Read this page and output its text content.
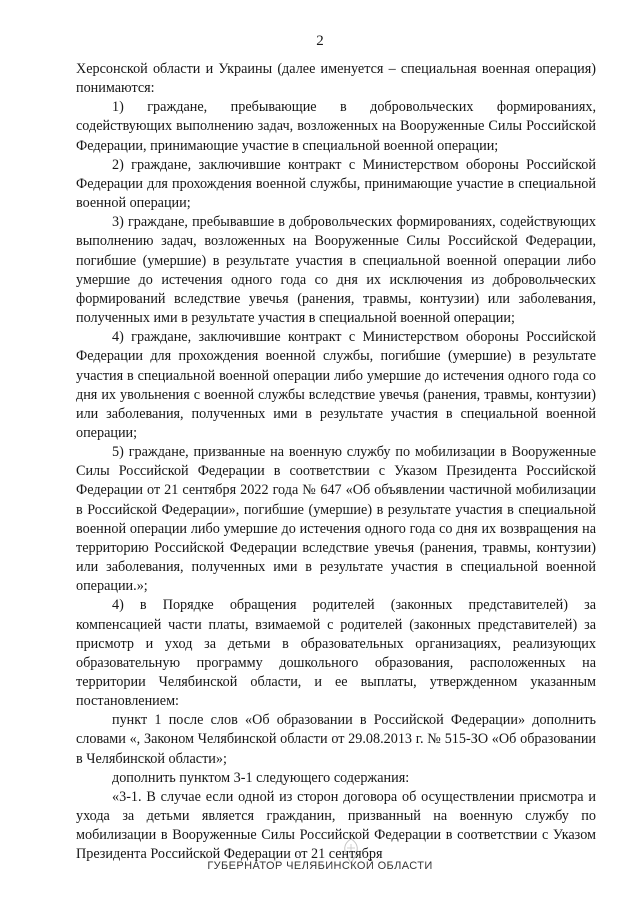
2

Херсонской области и Украины (далее именуется – специальная военная операция) понимаются:

1) граждане, пребывающие в добровольческих формированиях, содействующих выполнению задач, возложенных на Вооруженные Силы Российской Федерации, принимающие участие в специальной военной операции;

2) граждане, заключившие контракт с Министерством обороны Российской Федерации для прохождения военной службы, принимающие участие в специальной военной операции;

3) граждане, пребывавшие в добровольческих формированиях, содействующих выполнению задач, возложенных на Вооруженные Силы Российской Федерации, погибшие (умершие) в результате участия в специальной военной операции либо умершие до истечения одного года со дня их исключения из добровольческих формирований вследствие увечья (ранения, травмы, контузии) или заболевания, полученных ими в результате участия в специальной военной операции;

4) граждане, заключившие контракт с Министерством обороны Российской Федерации для прохождения военной службы, погибшие (умершие) в результате участия в специальной военной операции либо умершие до истечения одного года со дня их увольнения с военной службы вследствие увечья (ранения, травмы, контузии) или заболевания, полученных ими в результате участия в специальной военной операции;

5) граждане, призванные на военную службу по мобилизации в Вооруженные Силы Российской Федерации в соответствии с Указом Президента Российской Федерации от 21 сентября 2022 года № 647 «Об объявлении частичной мобилизации в Российской Федерации», погибшие (умершие) в результате участия в специальной военной операции либо умершие до истечения одного года со дня их возвращения на территорию Российской Федерации вследствие увечья (ранения, травмы, контузии) или заболевания, полученных ими в результате участия в специальной военной операции.»;

4) в Порядке обращения родителей (законных представителей) за компенсацией части платы, взимаемой с родителей (законных представителей) за присмотр и уход за детьми в образовательных организациях, реализующих образовательную программу дошкольного образования, расположенных на территории Челябинской области, и ее выплаты, утвержденном указанным постановлением:

пункт 1 после слов «Об образовании в Российской Федерации» дополнить словами «, Законом Челябинской области от 29.08.2013 г. № 515-ЗО «Об образовании в Челябинской области»;

дополнить пунктом 3-1 следующего содержания:

«3-1. В случае если одной из сторон договора об осуществлении присмотра и ухода за детьми является гражданин, призванный на военную службу по мобилизации в Вооруженные Силы Российской Федерации в соответствии с Указом Президента Российской Федерации от 21 сентября

ГУБЕРНАТОР ЧЕЛЯБИНСКОЙ ОБЛАСТИ
